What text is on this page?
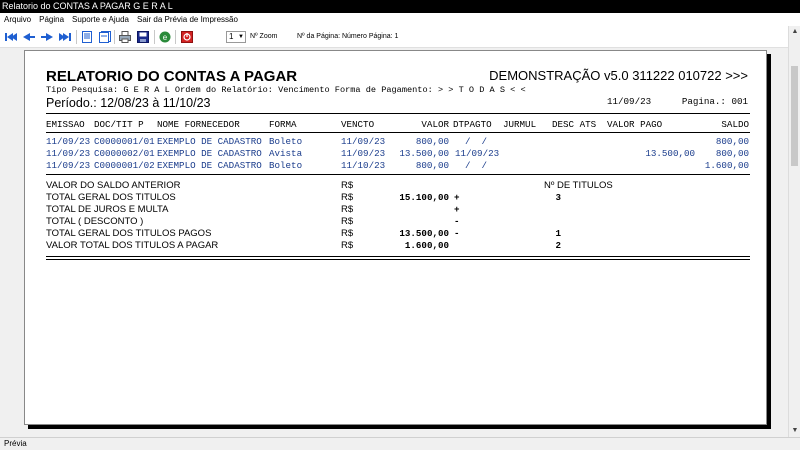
Relatorio do CONTAS A PAGAR G E R A L
Arquivo Página Suporte e Ajuda Sair da Prévia de Impressão
e	1 ▼ Nº Zoom	Nº da Página: Número Página: 1
▲
▼
RELATORIO DO CONTAS A PAGAR	DEMONSTRAÇÃO v5.0 311222 010722 >>>
Tipo Pesquisa: G E R A L Ordem do Relatório: Vencimento Forma de Pagamento: > > T O D A S < <
Período.: 12/08/23 à 11/10/23	11/09/23	Pagina.: 001
EMISSAO DOC/TIT P NOME FORNECEDOR	FORMA	VENCTO	VALOR DTPAGTO JURMUL DESC ATS VALOR PAGO	SALDO
11/09/23 C0000001/01 EXEMPLO DE CADASTRO Boleto	11/09/23	800,00 /  /	800,00
11/09/23 C0000002/01 EXEMPLO DE CADASTRO Avista	11/09/23	13.500,00 11/09/23	13.500,00	800,00
11/09/23 C0000001/02 EXEMPLO DE CADASTRO Boleto	11/10/23	800,00 /  /	1.600,00
Nº DE TITULOS
VALOR DO SALDO ANTERIOR	R$
TOTAL GERAL DOS TITULOS	R$	15.100,00 +	3
TOTAL DE JUROS E MULTA	R$	+
TOTAL ( DESCONTO )	R$	-
TOTAL GERAL DOS TITULOS PAGOS	R$	13.500,00 -	1
VALOR TOTAL DOS TITULOS A PAGAR	R$	1.600,00	2
Prévia
